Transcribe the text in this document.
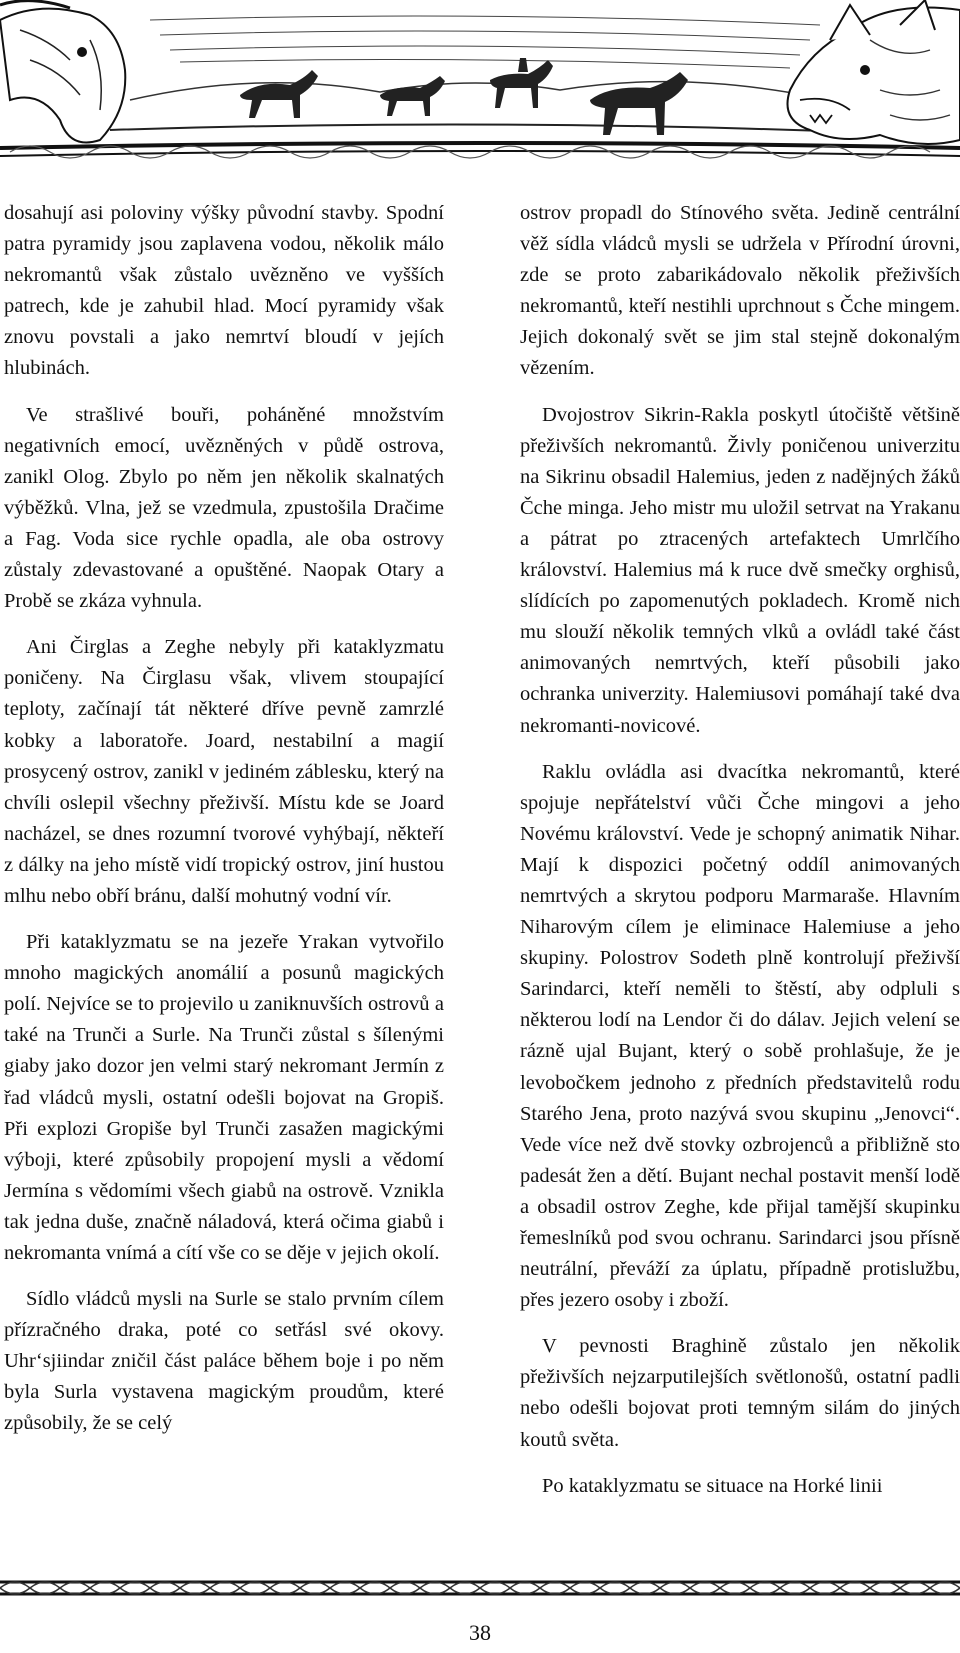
dosahují asi poloviny výšky původní stavby. Spodní patra pyramidy jsou zaplavena vodou, několik málo nekromantů však zůstalo uvězněno ve vyšších patrech, kde je zahubil hlad. Mocí pyramidy však znovu povstali a jako nemrtví bloudí v jejích hlubinách.

Ve strašlivé bouři, poháněné množstvím negativních emocí, uvězněných v půdě ostrova, zanikl Olog. Zbylo po něm jen několik skalnatých výběžků. Vlna, jež se vzedmula, zpustošila Dračime a Fag. Voda sice rychle opadla, ale oba ostrovy zůstaly zdevastované a opuštěné. Naopak Otary a Probě se zkáza vyhnula.

Ani Čirglas a Zeghe nebyly při kataklyzmatu poničeny. Na Čirglasu však, vlivem stoupající teploty, začínají tát některé dříve pevně zamrzlé kobky a laboratoře. Joard, nestabilní a magií prosycený ostrov, zanikl v jediném záblesku, který na chvíli oslepil všechny přeživší. Místu kde se Joard nacházel, se dnes rozumní tvorové vyhýbají, někteří z dálky na jeho místě vidí tropický ostrov, jiní hustou mlhu nebo obří bránu, další mohutný vodní vír.

Při kataklyzmatu se na jezeře Yrakan vytvořilo mnoho magických anomálií a posunů magických polí. Nejvíce se to projevilo u zaniknuvších ostrovů a také na Trunči a Surle. Na Trunči zůstal s šílenými giaby jako dozor jen velmi starý nekromant Jermín z řad vládců mysli, ostatní odešli bojovat na Gropiš. Při explozi Gropiše byl Trunči zasažen magickými výboji, které způsobily propojení mysli a vědomí Jermína s vědomími všech giabů na ostrově. Vznikla tak jedna duše, značně náladová, která očima giabů i nekromanta vnímá a cítí vše co se děje v jejich okolí.

Sídlo vládců mysli na Surle se stalo prvním cílem přízračného draka, poté co setřásl své okovy. Uhr‘sjiindar zničil část paláce během boje i po něm byla Surla vystavena magickým proudům, které způsobily, že se celý

ostrov propadl do Stínového světa. Jedině centrální věž sídla vládců mysli se udržela v Přírodní úrovni, zde se proto zabarikádovalo několik přeživších nekromantů, kteří nestihli uprchnout s Čche mingem. Jejich dokonalý svět se jim stal stejně dokonalým vězením.

Dvojostrov Sikrin-Rakla poskytl útočiště většině přeživších nekromantů. Živly poničenou univerzitu na Sikrinu obsadil Halemius, jeden z nadějných žáků Čche minga. Jeho mistr mu uložil setrvat na Yrakanu a pátrat po ztracených artefaktech Umrlčího království. Halemius má k ruce dvě smečky orghisů, slídících po zapomenutých pokladech. Kromě nich mu slouží několik temných vlků a ovládl také část animovaných nemrtvých, kteří působili jako ochranka univerzity. Halemiusovi pomáhají také dva nekromanti-novicové.

Raklu ovládla asi dvacítka nekromantů, které spojuje nepřátelství vůči Čche mingovi a jeho Novému království. Vede je schopný animatik Nihar. Mají k dispozici početný oddíl animovaných nemrtvých a skrytou podporu Marmaraše. Hlavním Niharovým cílem je eliminace Halemiuse a jeho skupiny. Polostrov Sodeth plně kontrolují přeživší Sarindarci, kteří neměli to štěstí, aby odpluli s některou lodí na Lendor či do dálav. Jejich velení se rázně ujal Bujant, který o sobě prohlašuje, že je levobočkem jednoho z předních představitelů rodu Starého Jena, proto nazývá svou skupinu „Jenovci“. Vede více než dvě stovky ozbrojenců a přibližně sto padesát žen a dětí. Bujant nechal postavit menší lodě a obsadil ostrov Zeghe, kde přijal tamější skupinku řemeslníků pod svou ochranu. Sarindarci jsou přísně neutrální, převáží za úplatu, případně protislužbu, přes jezero osoby i zboží.

V pevnosti Braghině zůstalo jen několik přeživších nejzarputilejších světlonošů, ostatní padli nebo odešli bojovat proti temným silám do jiných koutů světa.

Po kataklyzmatu se situace na Horké linii

38
